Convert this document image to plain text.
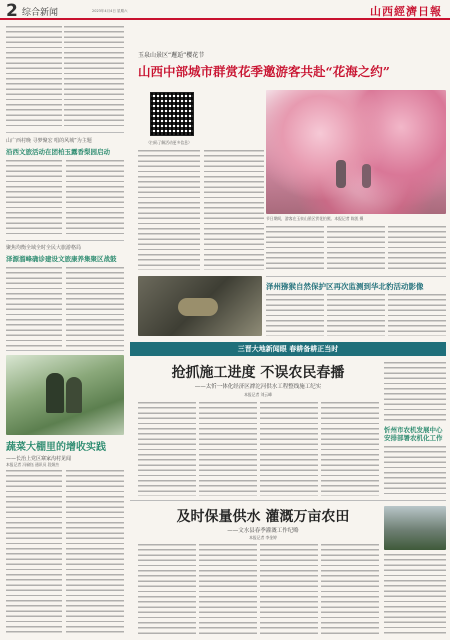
2 综合新闻	2023年4月4日 星期六	山西經濟日報
山广西村晚 寻梦聚宏 唱的风城”为主题
沿西文旅活动在团柏玉露香梨园启动
聚焦均衡全域全时全民大旅游格局
泽源溜峰确诊建设文旅康养集聚区战鼓
蔬菜大棚里的增收实践
——长治上党区寨家沟村见闻
本报记者 冯榆钰 通讯员 段娟杰
玉泉山景区“邂逅”樱花节
山西中部城市群赏花季邀游客共赴“花海之约”
（扫码了解活动更多信息）
节日期间，游客在玉泉山景区赏花拍照。本报记者 陈凯 摄
泽州猕猴自然保护区再次监测到华北豹活动影像
三晋大地新闻眼 春耕备耕正当时
抢抓施工进度 不误农民春播
——太忻一体化经济区滹沱河供水工程整线施工纪实
本报记者 刘云峰
忻州市农机发展中心安排部署农机化工作
及时保量供水 灌溉万亩农田
——文水县春季灌溉工作纪略
本报记者 李金婷
